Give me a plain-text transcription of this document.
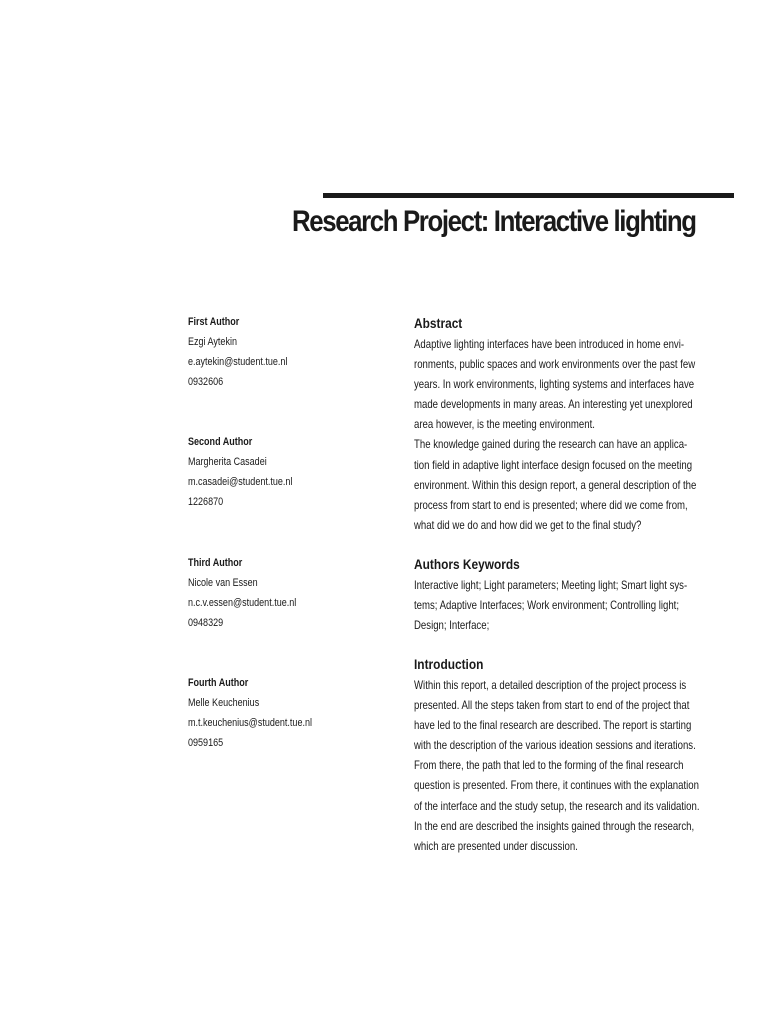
Research Project: Interactive lighting
First Author
Ezgi Aytekin
e.aytekin@student.tue.nl
0932606
Second Author
Margherita Casadei
m.casadei@student.tue.nl
1226870
Third Author
Nicole van Essen
n.c.v.essen@student.tue.nl
0948329
Fourth Author
Melle Keuchenius
m.t.keuchenius@student.tue.nl
0959165
Abstract
Adaptive lighting interfaces have been introduced in home envi-
ronments, public spaces and work environments over the past few
years. In work environments, lighting systems and interfaces have
made developments in many areas. An interesting yet unexplored
area however, is the meeting environment.
The knowledge gained during the research can have an applica-
tion field in adaptive light interface design focused on the meeting
environment. Within this design report, a general description of the
process from start to end is presented; where did we come from,
what did we do and how did we get to the final study?
Authors Keywords
Interactive light; Light parameters; Meeting light; Smart light sys-
tems; Adaptive Interfaces; Work environment; Controlling light;
Design; Interface;
Introduction
Within this report, a detailed description of the project process is
presented. All the steps taken from start to end of the project that
have led to the final research are described. The report is starting
with the description of the various ideation sessions and iterations.
From there, the path that led to the forming of the final research
question is presented. From there, it continues with the explanation
of the interface and the study setup, the research and its validation.
In the end are described the insights gained through the research,
which are presented under discussion.
